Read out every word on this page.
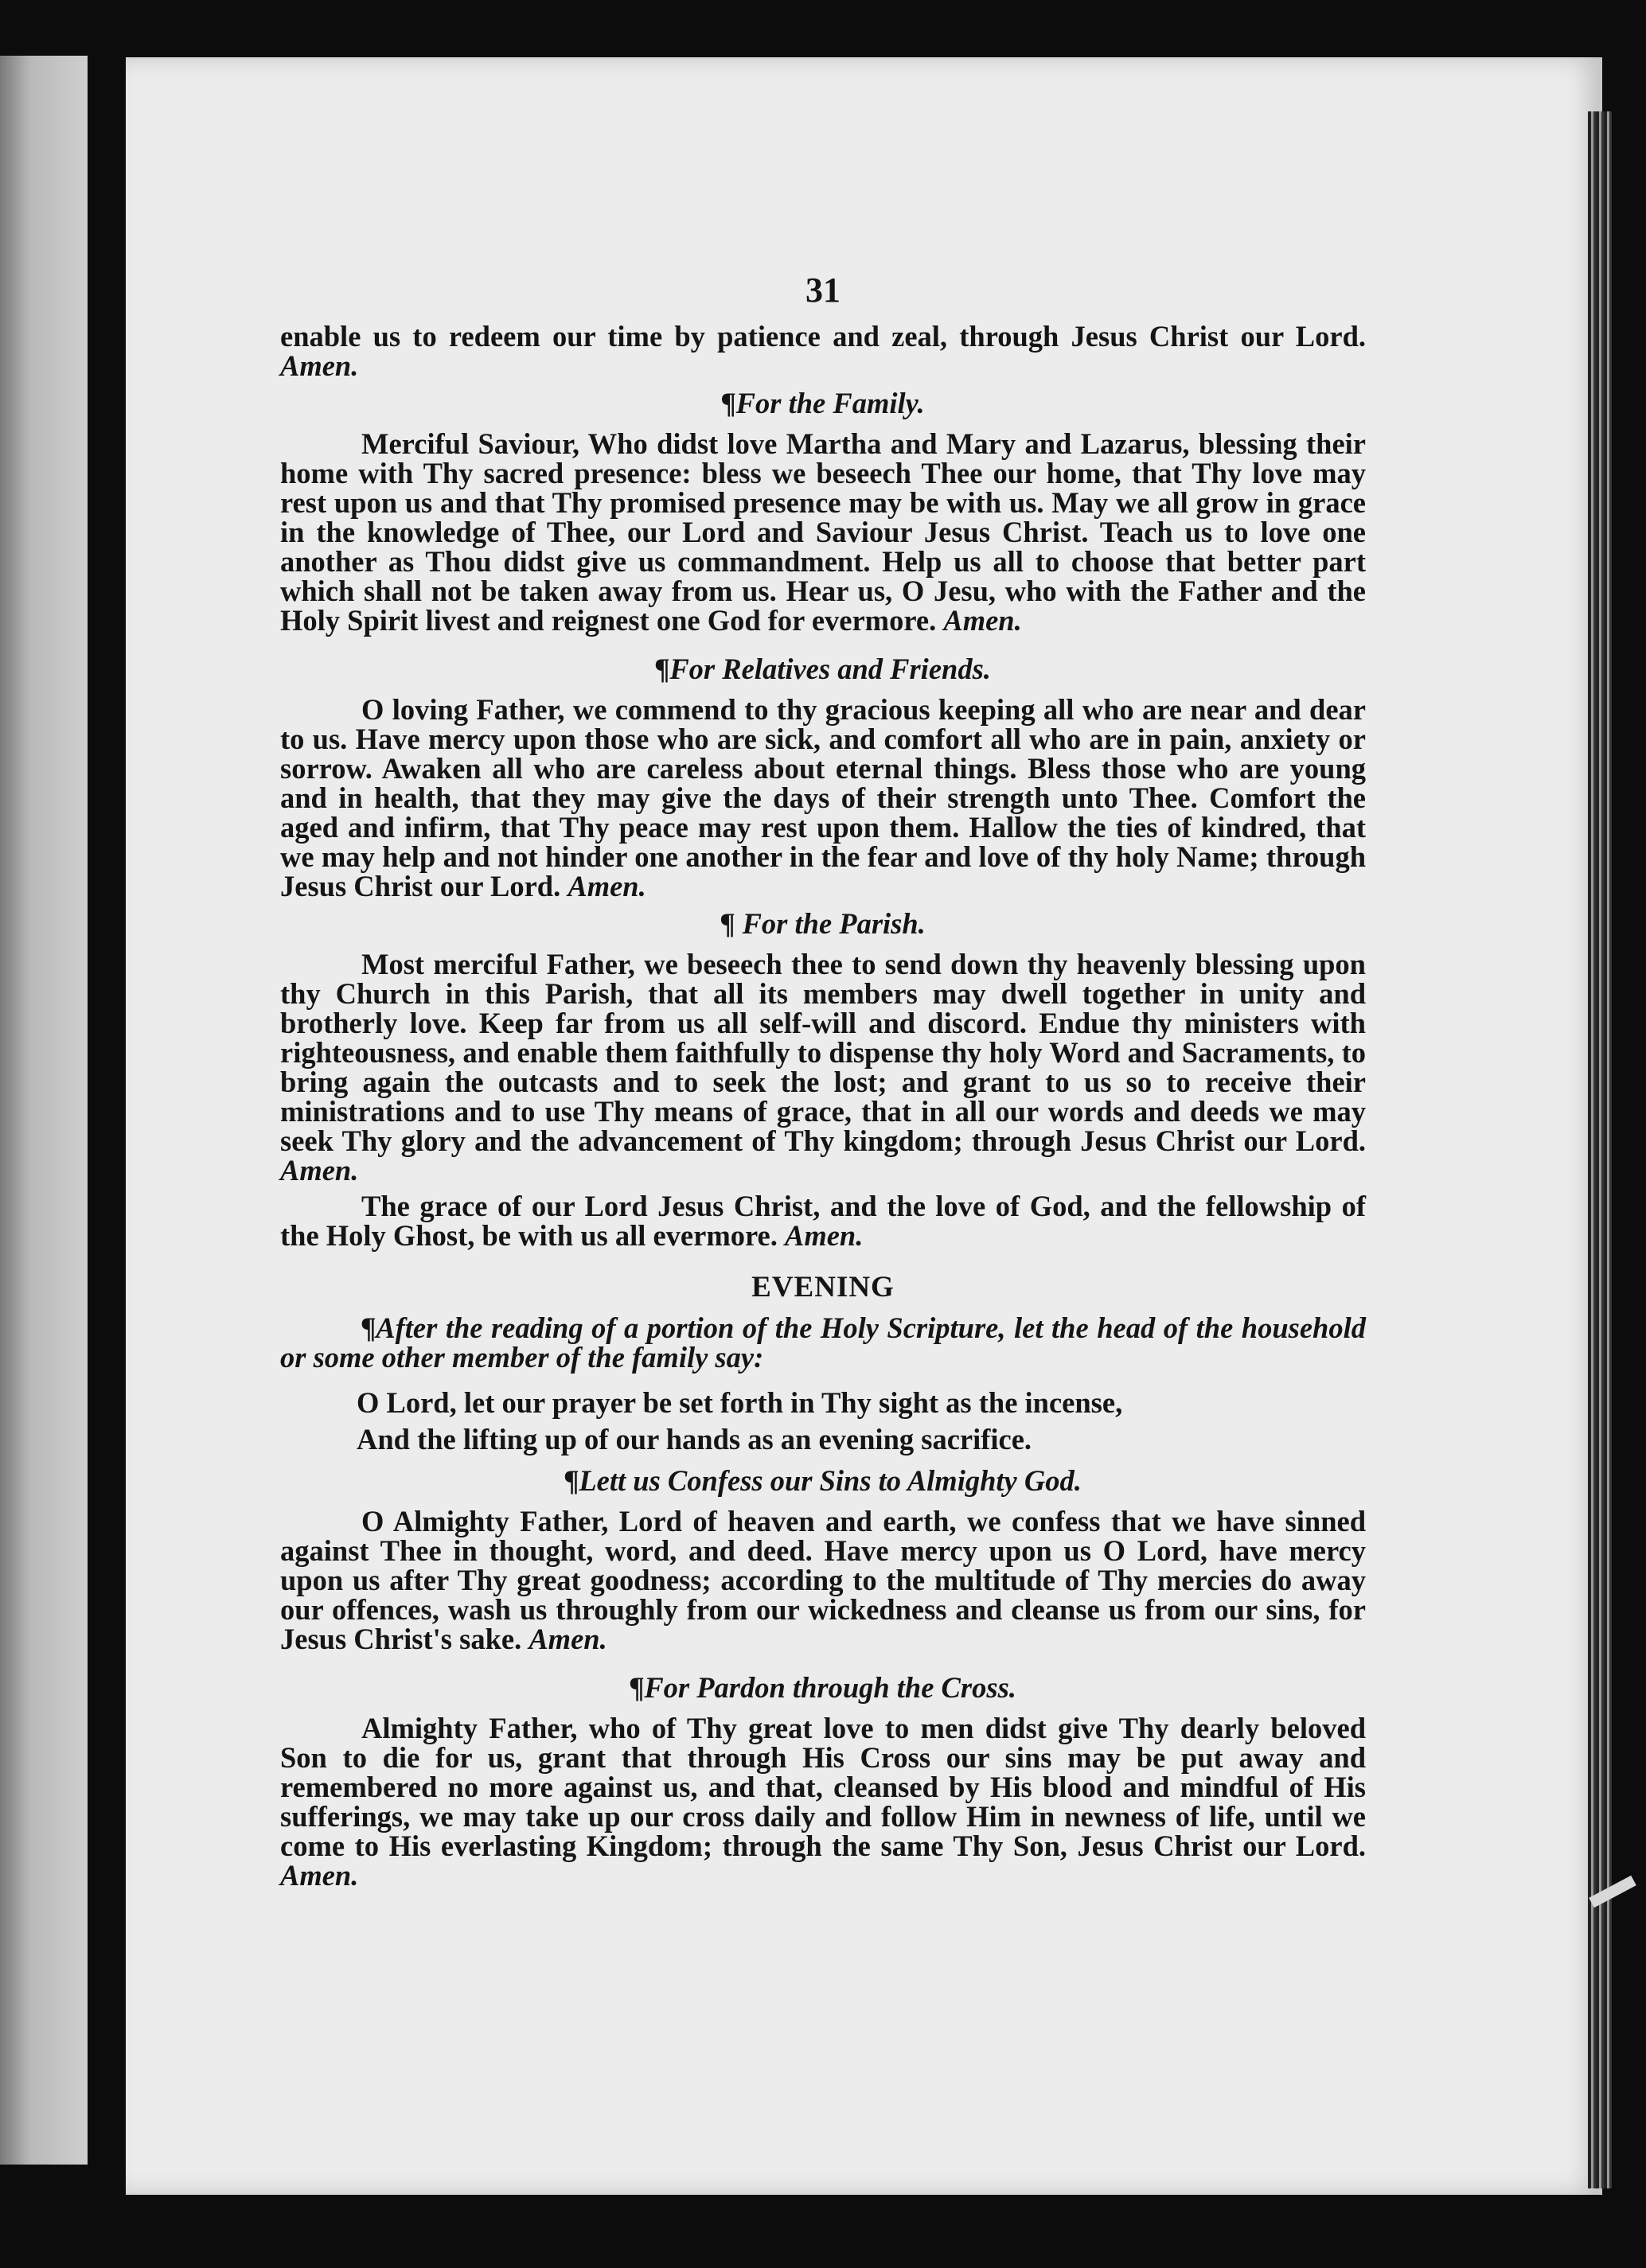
31

enable us to redeem our time by patience and zeal, through Jesus Christ our Lord. Amen.

¶For the Family.

Merciful Saviour, Who didst love Martha and Mary and Lazarus, blessing their home with Thy sacred presence: bless we beseech Thee our home, that Thy love may rest upon us and that Thy promised presence may be with us. May we all grow in grace in the knowledge of Thee, our Lord and Saviour Jesus Christ. Teach us to love one another as Thou didst give us commandment. Help us all to choose that better part which shall not be taken away from us. Hear us, O Jesu, who with the Father and the Holy Spirit livest and reignest one God for evermore. Amen.

¶For Relatives and Friends.

O loving Father, we commend to thy gracious keeping all who are near and dear to us. Have mercy upon those who are sick, and comfort all who are in pain, anxiety or sorrow. Awaken all who are careless about eternal things. Bless those who are young and in health, that they may give the days of their strength unto Thee. Comfort the aged and infirm, that Thy peace may rest upon them. Hallow the ties of kindred, that we may help and not hinder one another in the fear and love of thy holy Name; through Jesus Christ our Lord. Amen.

¶ For the Parish.

Most merciful Father, we beseech thee to send down thy heavenly blessing upon thy Church in this Parish, that all its members may dwell together in unity and brotherly love. Keep far from us all self-will and discord. Endue thy ministers with righteousness, and enable them faithfully to dispense thy holy Word and Sacraments, to bring again the outcasts and to seek the lost; and grant to us so to receive their ministrations and to use Thy means of grace, that in all our words and deeds we may seek Thy glory and the advancement of Thy kingdom; through Jesus Christ our Lord. Amen.

The grace of our Lord Jesus Christ, and the love of God, and the fellowship of the Holy Ghost, be with us all evermore. Amen.

EVENING

¶After the reading of a portion of the Holy Scripture, let the head of the household or some other member of the family say:

O Lord, let our prayer be set forth in Thy sight as the incense,
And the lifting up of our hands as an evening sacrifice.
¶Lett us Confess our Sins to Almighty God.

O Almighty Father, Lord of heaven and earth, we confess that we have sinned against Thee in thought, word, and deed. Have mercy upon us O Lord, have mercy upon us after Thy great goodness; according to the multitude of Thy mercies do away our offences, wash us throughly from our wickedness and cleanse us from our sins, for Jesus Christ's sake. Amen.

¶For Pardon through the Cross.

Almighty Father, who of Thy great love to men didst give Thy dearly beloved Son to die for us, grant that through His Cross our sins may be put away and remembered no more against us, and that, cleansed by His blood and mindful of His sufferings, we may take up our cross daily and follow Him in newness of life, until we come to His everlasting Kingdom; through the same Thy Son, Jesus Christ our Lord. Amen.
